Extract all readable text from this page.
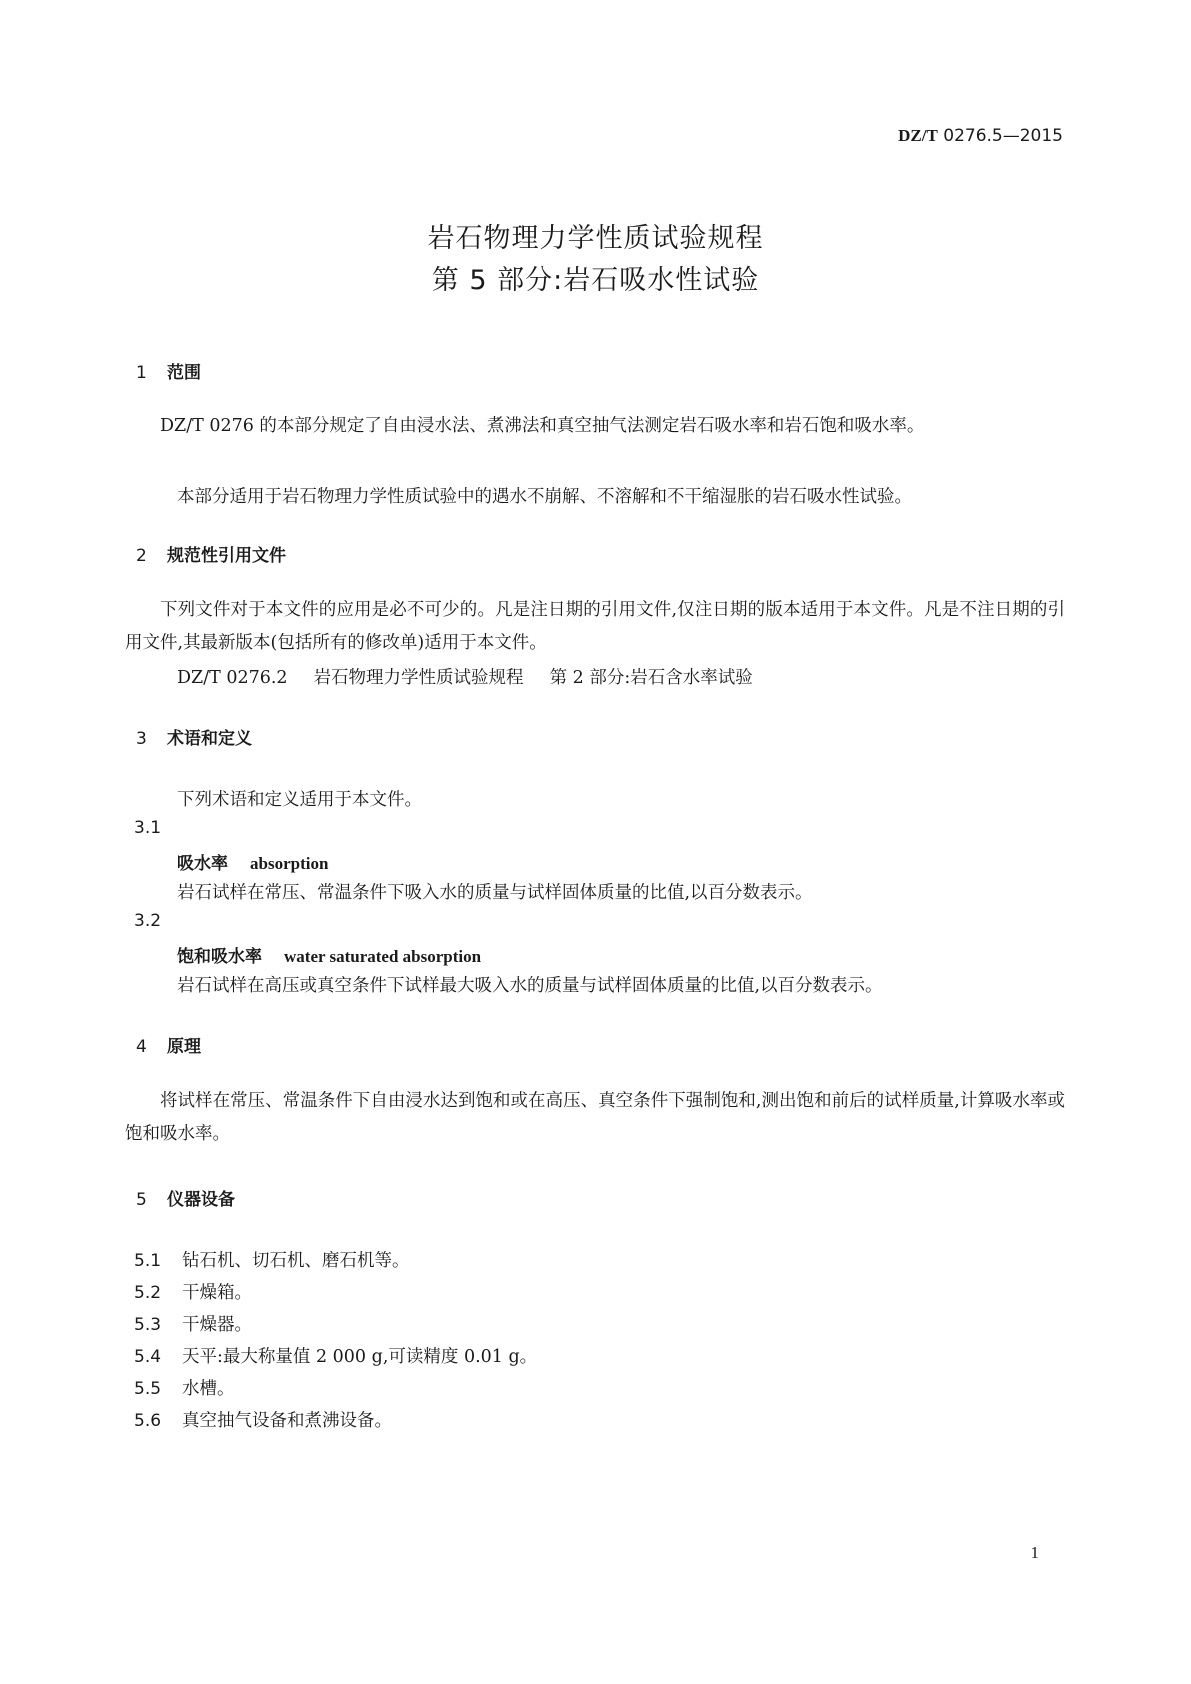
DZ/T 0276.5—2015
岩石物理力学性质试验规程
第 5 部分:岩石吸水性试验
1 范围
DZ/T 0276 的本部分规定了自由浸水法、煮沸法和真空抽气法测定岩石吸水率和岩石饱和吸水率。
本部分适用于岩石物理力学性质试验中的遇水不崩解、不溶解和不干缩湿胀的岩石吸水性试验。
2 规范性引用文件
下列文件对于本文件的应用是必不可少的。凡是注日期的引用文件,仅注日期的版本适用于本文件。凡是不注日期的引用文件,其最新版本(包括所有的修改单)适用于本文件。
DZ/T 0276.2 岩石物理力学性质试验规程 第 2 部分:岩石含水率试验
3 术语和定义
下列术语和定义适用于本文件。
3.1
吸水率 absorption
岩石试样在常压、常温条件下吸入水的质量与试样固体质量的比值,以百分数表示。
3.2
饱和吸水率 water saturated absorption
岩石试样在高压或真空条件下试样最大吸入水的质量与试样固体质量的比值,以百分数表示。
4 原理
将试样在常压、常温条件下自由浸水达到饱和或在高压、真空条件下强制饱和,测出饱和前后的试样质量,计算吸水率或饱和吸水率。
5 仪器设备
5.1 钻石机、切石机、磨石机等。
5.2 干燥箱。
5.3 干燥器。
5.4 天平:最大称量值 2 000 g,可读精度 0.01 g。
5.5 水槽。
5.6 真空抽气设备和煮沸设备。
1
